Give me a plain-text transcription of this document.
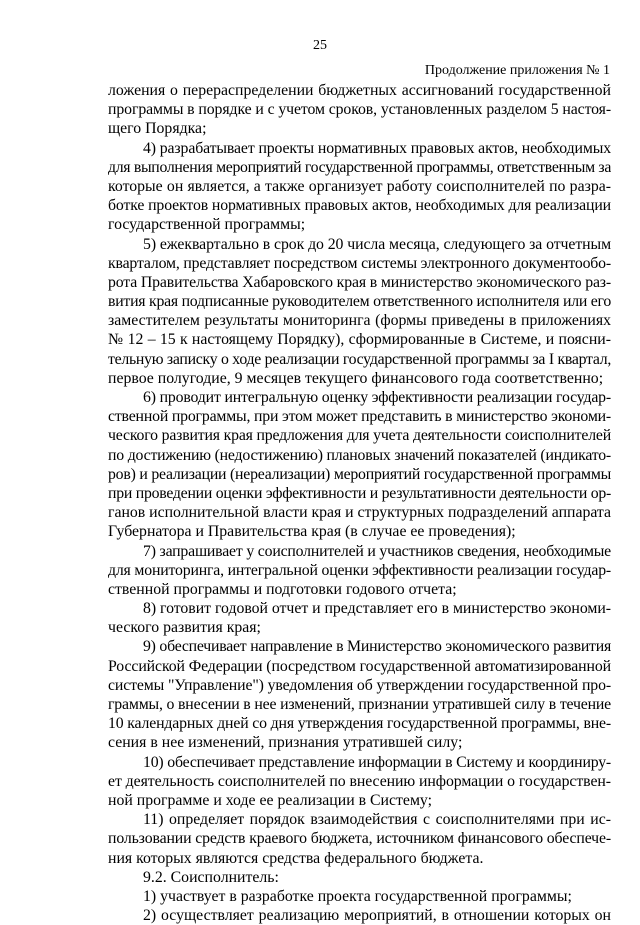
25
Продолжение приложения № 1
ложения о перераспределении бюджетных ассигнований государственной
программы в порядке и с учетом сроков, установленных разделом 5 настоя-
щего Порядка;
4) разрабатывает проекты нормативных правовых актов, необходимых
для выполнения мероприятий государственной программы, ответственным за
которые он является, а также организует работу соисполнителей по разра-
ботке проектов нормативных правовых актов, необходимых для реализации
государственной программы;
5) ежеквартально в срок до 20 числа месяца, следующего за отчетным
кварталом, представляет посредством системы электронного документообо-
рота Правительства Хабаровского края в министерство экономического раз-
вития края подписанные руководителем ответственного исполнителя или его
заместителем результаты мониторинга (формы приведены в приложениях
№ 12 – 15 к настоящему Порядку), сформированные в Системе, и поясни-
тельную записку о ходе реализации государственной программы за I квартал,
первое полугодие, 9 месяцев текущего финансового года соответственно;
6) проводит интегральную оценку эффективности реализации государ-
ственной программы, при этом может представить в министерство экономи-
ческого развития края предложения для учета деятельности соисполнителей
по достижению (недостижению) плановых значений показателей (индикато-
ров) и реализации (нереализации) мероприятий государственной программы
при проведении оценки эффективности и результативности деятельности ор-
ганов исполнительной власти края и структурных подразделений аппарата
Губернатора и Правительства края (в случае ее проведения);
7) запрашивает у соисполнителей и участников сведения, необходимые
для мониторинга, интегральной оценки эффективности реализации государ-
ственной программы и подготовки годового отчета;
8) готовит годовой отчет и представляет его в министерство экономи-
ческого развития края;
9) обеспечивает направление в Министерство экономического развития
Российской Федерации (посредством государственной автоматизированной
системы "Управление") уведомления об утверждении государственной про-
граммы, о внесении в нее изменений, признании утратившей силу в течение
10 календарных дней со дня утверждения государственной программы, вне-
сения в нее изменений, признания утратившей силу;
10) обеспечивает представление информации в Систему и координиру-
ет деятельность соисполнителей по внесению информации о государствен-
ной программе и ходе ее реализации в Систему;
11) определяет порядок взаимодействия с соисполнителями при ис-
пользовании средств краевого бюджета, источником финансового обеспече-
ния которых являются средства федерального бюджета.
9.2. Соисполнитель:
1) участвует в разработке проекта государственной программы;
2) осуществляет реализацию мероприятий, в отношении которых он
